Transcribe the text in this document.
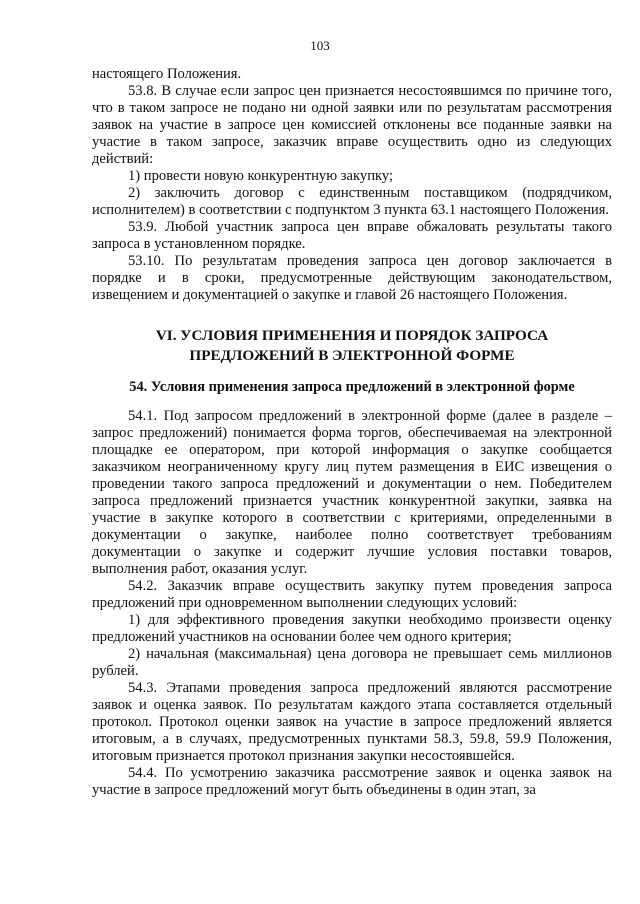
103

настоящего Положения.

53.8. В случае если запрос цен признается несостоявшимся по причине того, что в таком запросе не подано ни одной заявки или по результатам рассмотрения заявок на участие в запросе цен комиссией отклонены все поданные заявки на участие в таком запросе, заказчик вправе осуществить одно из следующих действий:

1) провести новую конкурентную закупку;

2) заключить договор с единственным поставщиком (подрядчиком, исполнителем) в соответствии с подпунктом 3 пункта 63.1 настоящего Положения.

53.9. Любой участник запроса цен вправе обжаловать результаты такого запроса в установленном порядке.

53.10. По результатам проведения запроса цен договор заключается в порядке и в сроки, предусмотренные действующим законодательством, извещением и документацией о закупке и главой 26 настоящего Положения.

VI. УСЛОВИЯ ПРИМЕНЕНИЯ И ПОРЯДОК ЗАПРОСА
ПРЕДЛОЖЕНИЙ В ЭЛЕКТРОННОЙ ФОРМЕ

54. Условия применения запроса предложений в электронной форме

54.1. Под запросом предложений в электронной форме (далее в разделе – запрос предложений) понимается форма торгов, обеспечиваемая на электронной площадке ее оператором, при которой информация о закупке сообщается заказчиком неограниченному кругу лиц путем размещения в ЕИС извещения о проведении такого запроса предложений и документации о нем. Победителем запроса предложений признается участник конкурентной закупки, заявка на участие в закупке которого в соответствии с критериями, определенными в документации о закупке, наиболее полно соответствует требованиям документации о закупке и содержит лучшие условия поставки товаров, выполнения работ, оказания услуг.

54.2. Заказчик вправе осуществить закупку путем проведения запроса предложений при одновременном выполнении следующих условий:

1) для эффективного проведения закупки необходимо произвести оценку предложений участников на основании более чем одного критерия;

2) начальная (максимальная) цена договора не превышает семь миллионов рублей.

54.3. Этапами проведения запроса предложений являются рассмотрение заявок и оценка заявок. По результатам каждого этапа составляется отдельный протокол. Протокол оценки заявок на участие в запросе предложений является итоговым, а в случаях, предусмотренных пунктами 58.3, 59.8, 59.9 Положения, итоговым признается протокол признания закупки несостоявшейся.

54.4. По усмотрению заказчика рассмотрение заявок и оценка заявок на участие в запросе предложений могут быть объединены в один этап, за
